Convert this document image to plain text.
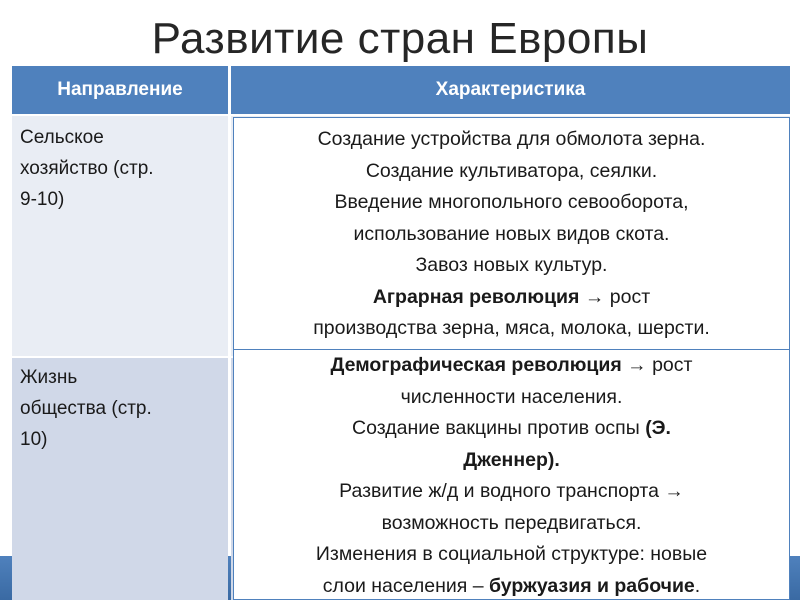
Развитие стран Европы
Направление	Характеристика
Сельское
хозяйство (стр.
9-10)
Жизнь
общества (стр.
10)
Создание устройства для обмолота зерна.
Создание культиватора, сеялки.
Введение многопольного севооборота,
использование новых видов скота.
Завоз новых культур.
Аграрная революция → рост
производства зерна, мяса, молока, шерсти.
Демографическая революция → рост
численности населения.
Создание вакцины против оспы (Э.
Дженнер).
Развитие ж/д и водного транспорта →
возможность передвигаться.
Изменения в социальной структуре: новые
слои населения – буржуазия и рабочие.
